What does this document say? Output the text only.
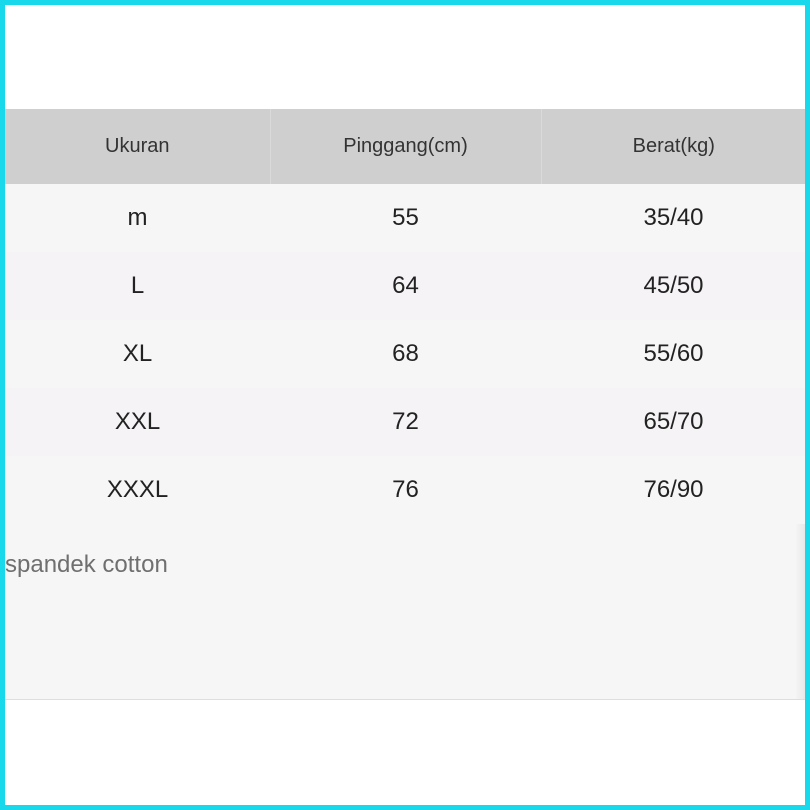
Ukuran	Pinggang(cm)	Berat(kg)
m	55	35/40
L	64	45/50
XL	68	55/60
XXL	72	65/70
XXXL	76	76/90
spandek cotton
